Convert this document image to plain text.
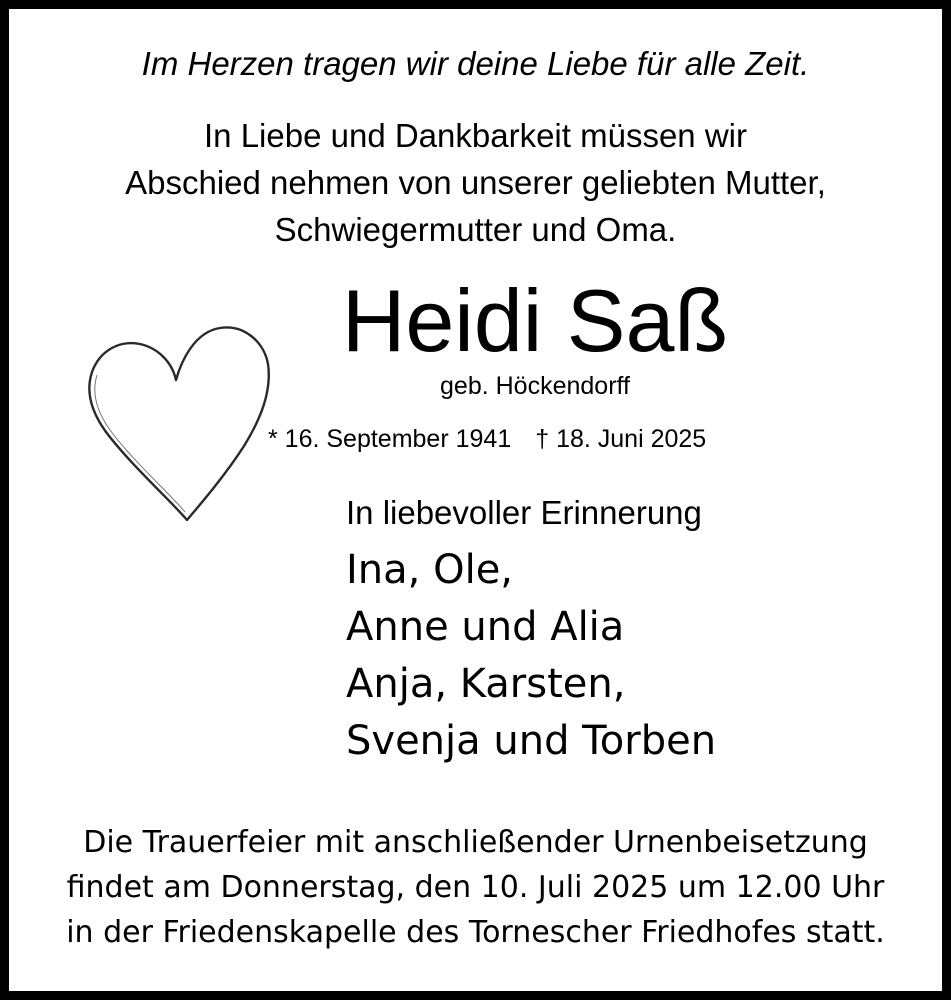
Im Herzen tragen wir deine Liebe für alle Zeit.
In Liebe und Dankbarkeit müssen wir
Abschied nehmen von unserer geliebten Mutter,
Schwiegermutter und Oma.
Heidi Saß
geb. Höckendorff
* 16. September 1941 † 18. Juni 2025
In liebevoller Erinnerung
Ina, Ole,
Anne und Alia
Anja, Karsten,
Svenja und Torben
Die Trauerfeier mit anschließender Urnenbeisetzung
findet am Donnerstag, den 10. Juli 2025 um 12.00 Uhr
in der Friedenskapelle des Tornescher Friedhofes statt.
